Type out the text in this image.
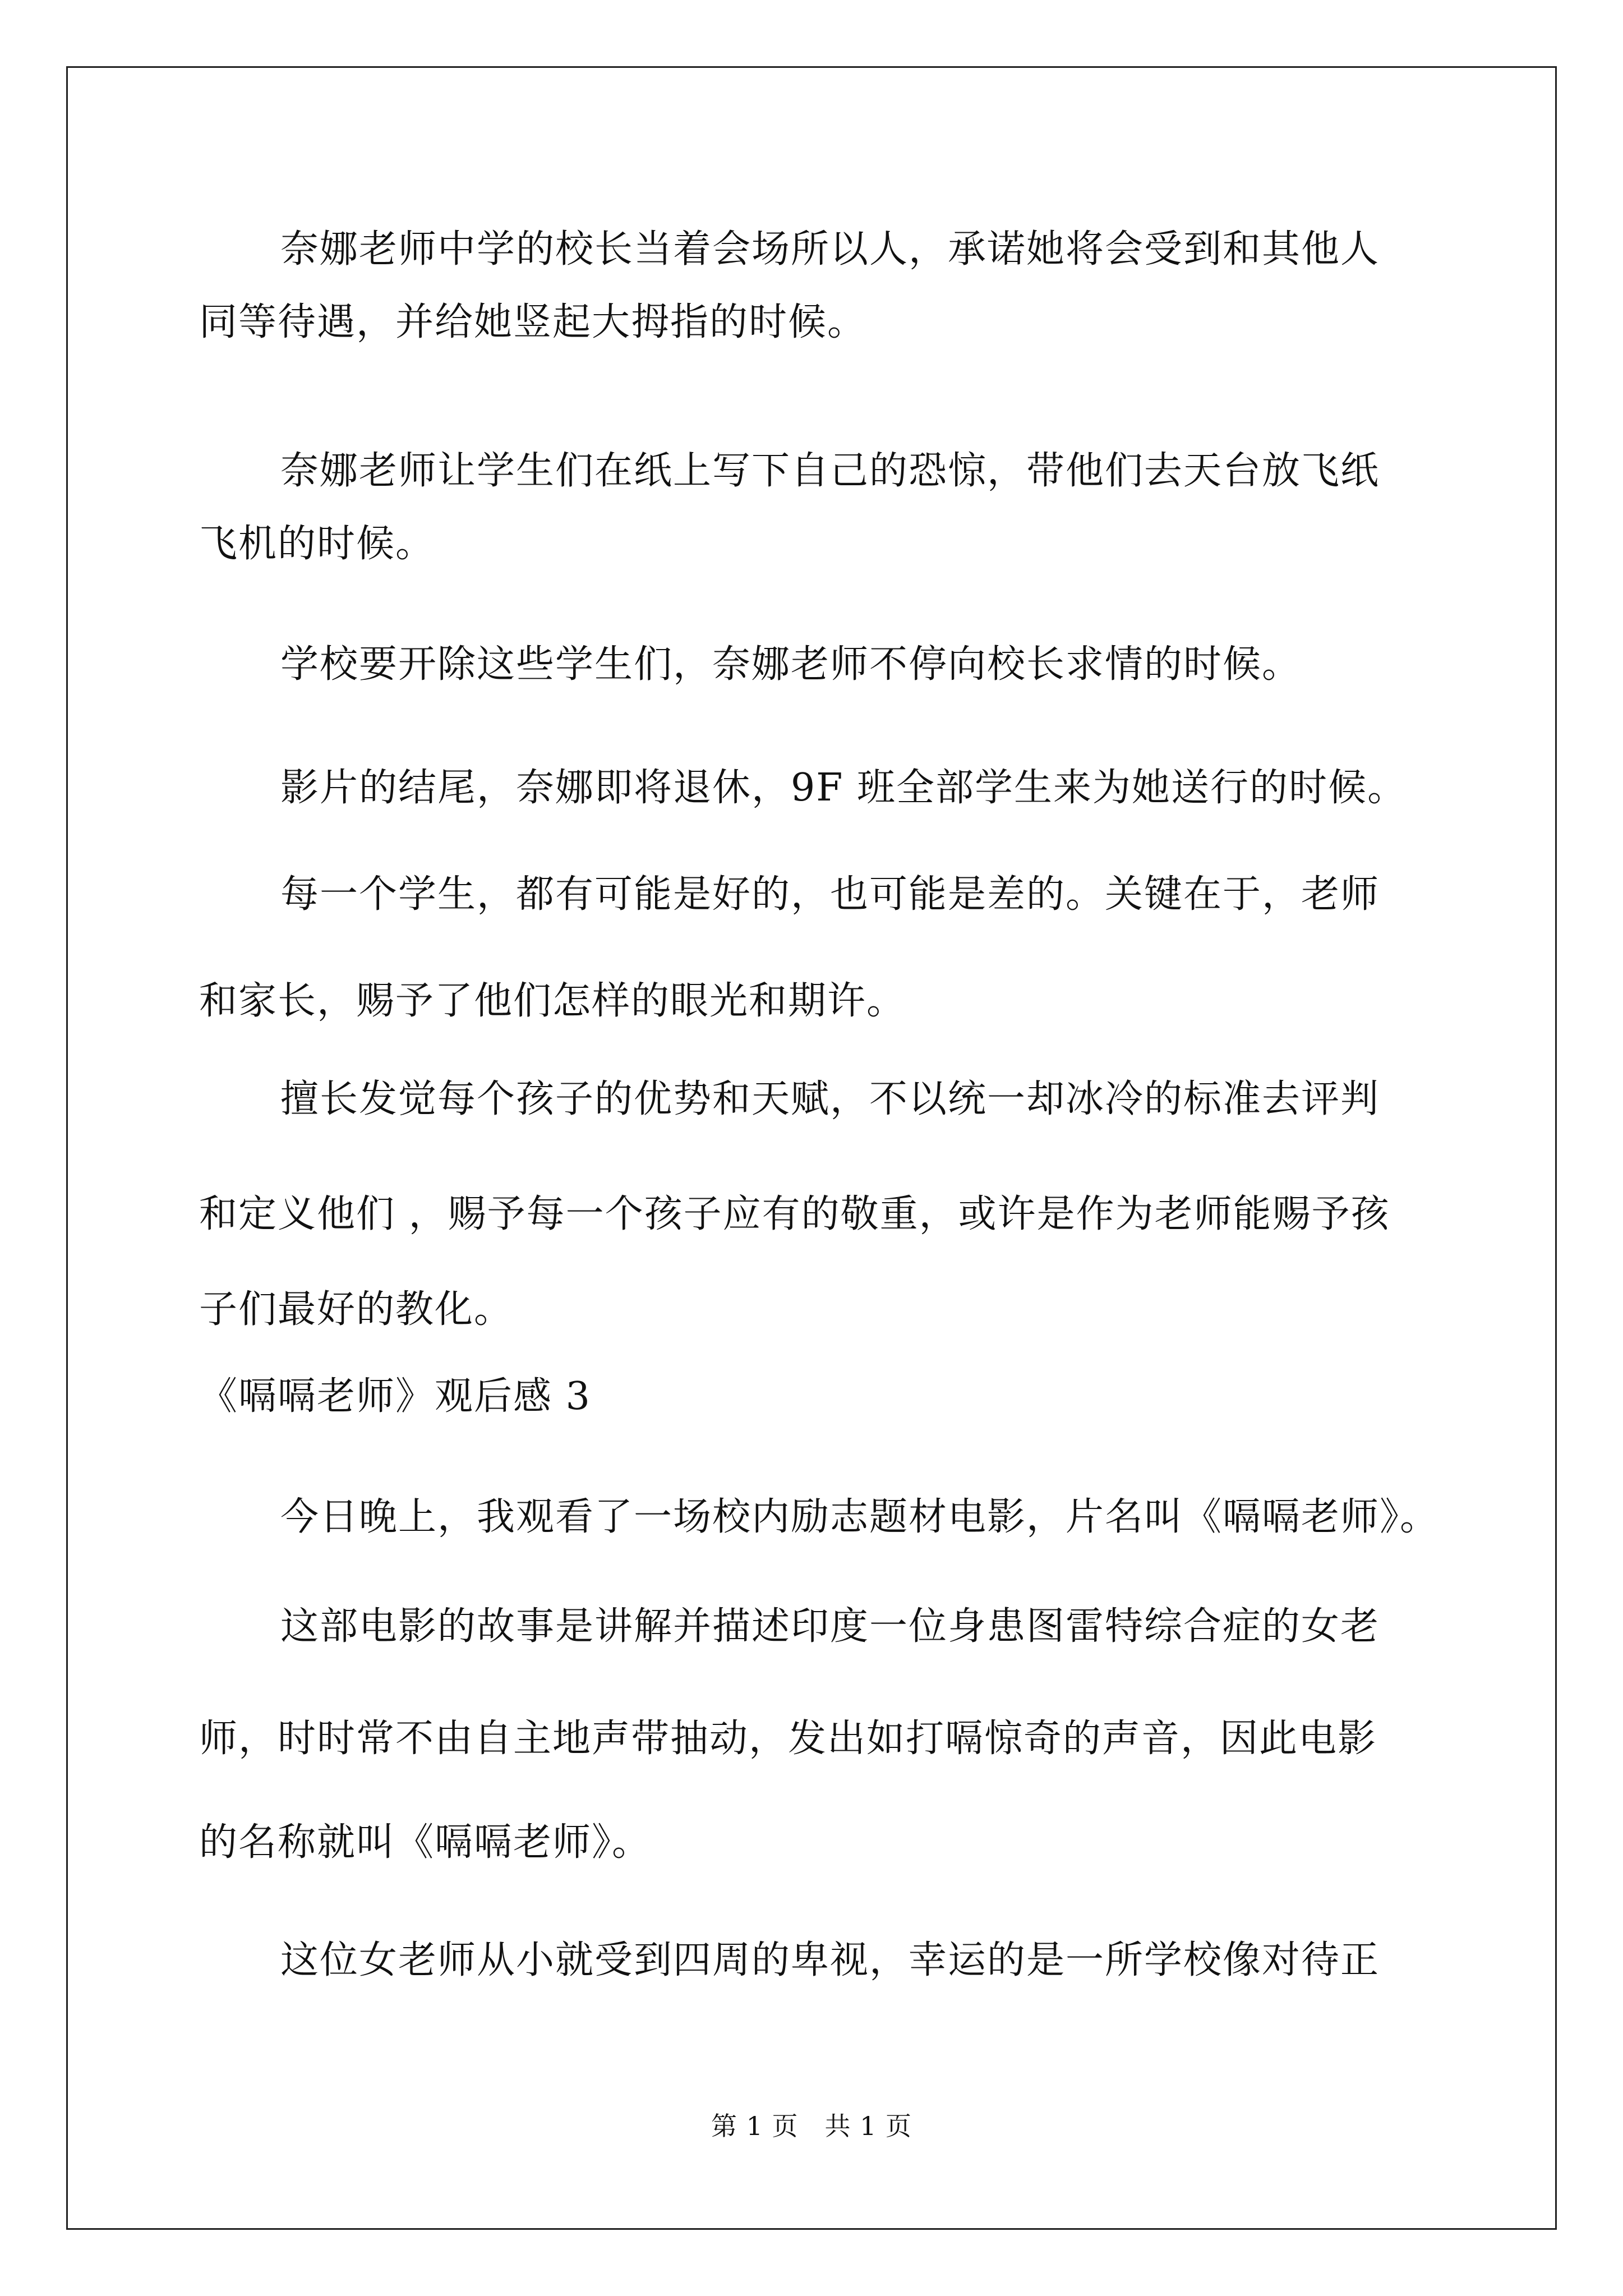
奈娜老师中学的校长当着会场所以人，承诺她将会受到和其他人
同等待遇，并给她竖起大拇指的时候。
奈娜老师让学生们在纸上写下自己的恐惊，带他们去天台放飞纸
飞机的时候。
学校要开除这些学生们，奈娜老师不停向校长求情的时候。
影片的结尾，奈娜即将退休，9F 班全部学生来为她送行的时候。
每一个学生，都有可能是好的，也可能是差的。关键在于，老师
和家长，赐予了他们怎样的眼光和期许。
擅长发觉每个孩子的优势和天赋，不以统一却冰冷的标准去评判
和定义他们 ，赐予每一个孩子应有的敬重，或许是作为老师能赐予孩
子们最好的教化。
《嗝嗝老师》观后感 3
今日晚上，我观看了一场校内励志题材电影，片名叫《嗝嗝老师》。
这部电影的故事是讲解并描述印度一位身患图雷特综合症的女老
师，时时常不由自主地声带抽动，发出如打嗝惊奇的声音，因此电影
的名称就叫《嗝嗝老师》。
这位女老师从小就受到四周的卑视，幸运的是一所学校像对待正
第 1 页　共 1 页
